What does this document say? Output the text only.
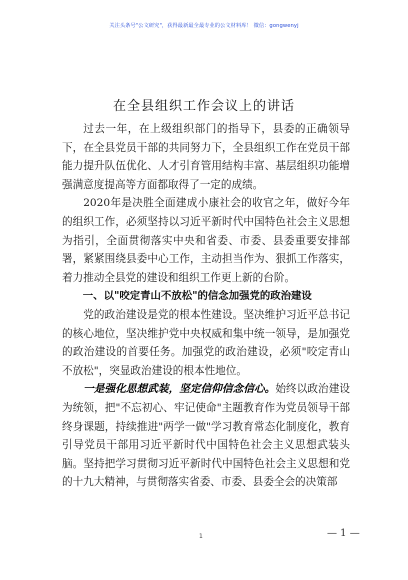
关注头条号"公文研究"，获得最新最全最专业的公文材料库！ 微信：gongwenyj
在全县组织工作会议上的讲话

过去一年，在上级组织部门的指导下，县委的正确领导下，在全县党员干部的共同努力下，全县组织工作在党员干部能力提升队伍优化、人才引育管用结构丰富、基层组织功能增强满意度提高等方面都取得了一定的成绩。

2020年是决胜全面建成小康社会的收官之年，做好今年的组织工作，必须坚持以习近平新时代中国特色社会主义思想为指引，全面贯彻落实中央和省委、市委、县委重要安排部署，紧紧围绕县委中心工作，主动担当作为、狠抓工作落实，着力推动全县党的建设和组织工作更上新的台阶。

一、以"咬定青山不放松"的信念加强党的政治建设

党的政治建设是党的根本性建设。坚决维护习近平总书记的核心地位，坚决维护党中央权威和集中统一领导，是加强党的政治建设的首要任务。加强党的政治建设，必须"咬定青山不放松"，突显政治建设的根本性地位。

一是强化思想武装，坚定信仰信念信心。始终以政治建设为统领，把"不忘初心、牢记使命"主题教育作为党员领导干部终身课题，持续推进"两学一做"学习教育常态化制度化，教育引导党员干部用习近平新时代中国特色社会主义思想武装头脑。坚持把学习贯彻习近平新时代中国特色社会主义思想和党的十九大精神，与贯彻落实省委、市委、县委全会的决策部

1	— 1 —
